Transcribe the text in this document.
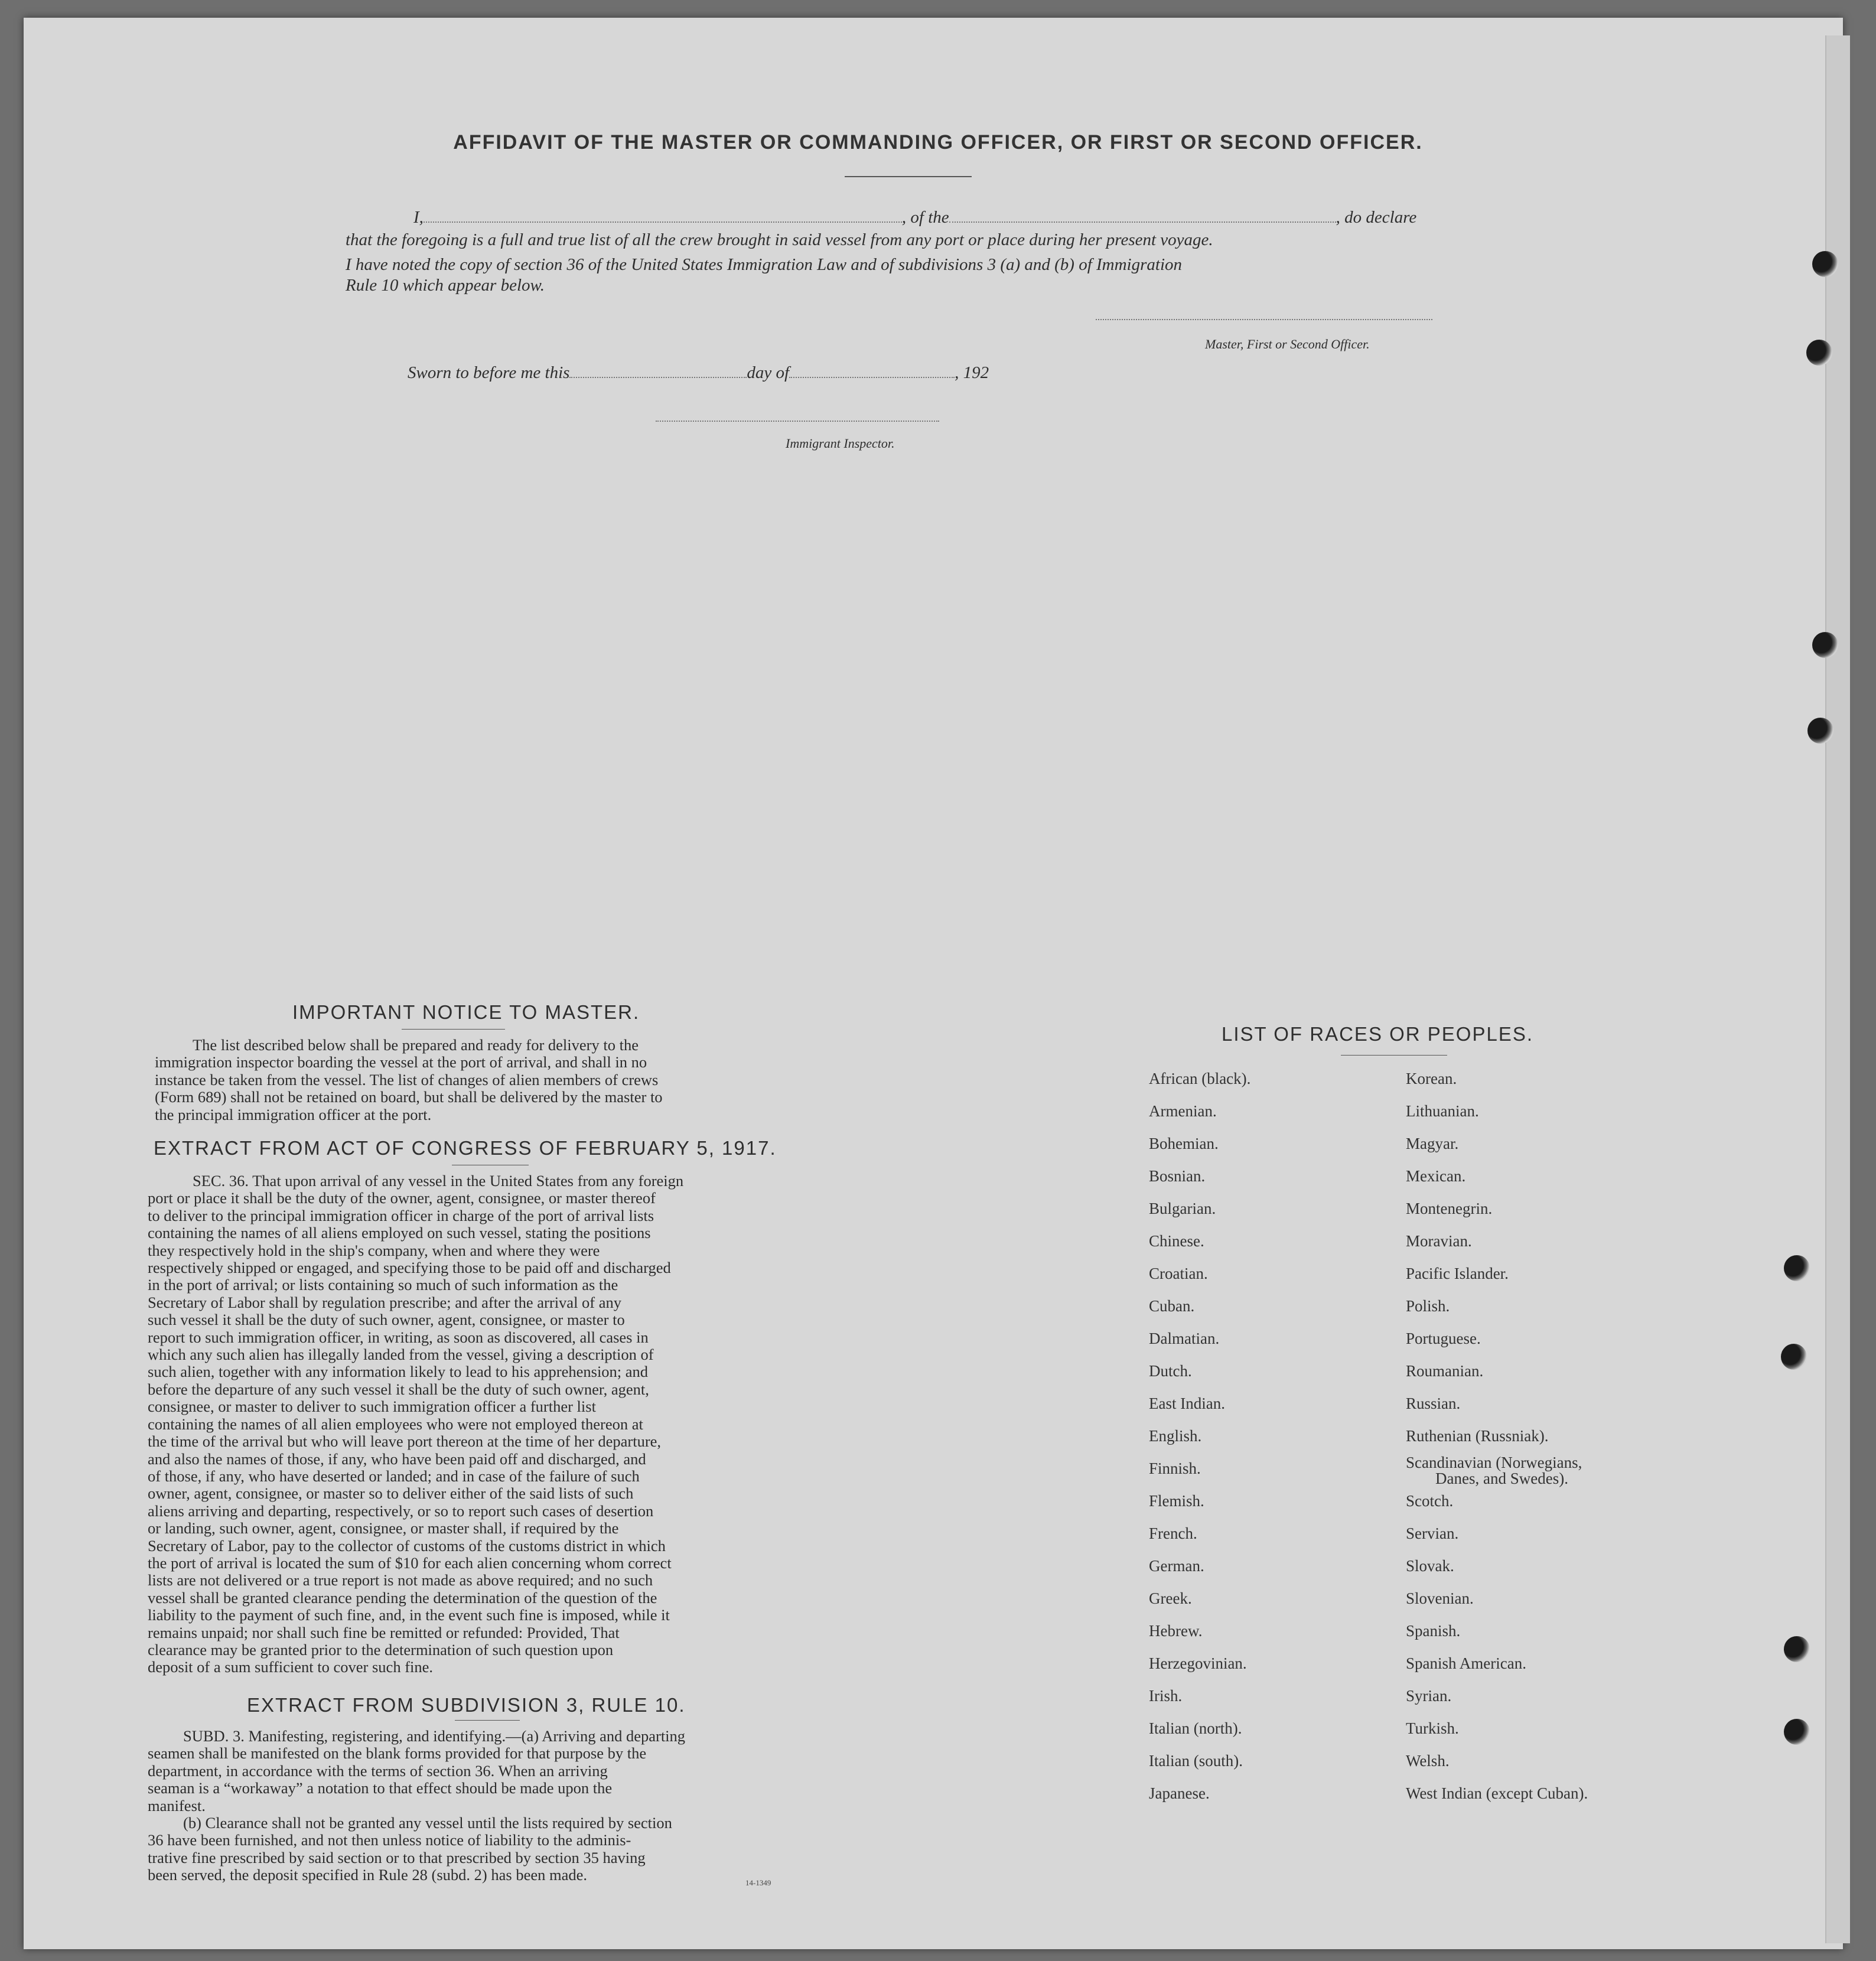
AFFIDAVIT OF THE MASTER OR COMMANDING OFFICER, OR FIRST OR SECOND OFFICER.
I,	, of the	, do declare
that the foregoing is a full and true list of all the crew brought in said vessel from any port or place during her present voyage.
I have noted the copy of section 36 of the United States Immigration Law and of subdivisions 3 (a) and (b) of Immigration
Rule 10 which appear below.
Master, First or Second Officer.
Sworn to before me this	day of	, 192
Immigrant Inspector.
IMPORTANT NOTICE TO MASTER.
The list described below shall be prepared and ready for delivery to the
immigration inspector boarding the vessel at the port of arrival, and shall in no
instance be taken from the vessel. The list of changes of alien members of crews
(Form 689) shall not be retained on board, but shall be delivered by the master to
the principal immigration officer at the port.
EXTRACT FROM ACT OF CONGRESS OF FEBRUARY 5, 1917.
SEC. 36. That upon arrival of any vessel in the United States from any foreign
port or place it shall be the duty of the owner, agent, consignee, or master thereof
to deliver to the principal immigration officer in charge of the port of arrival lists
containing the names of all aliens employed on such vessel, stating the positions
they respectively hold in the ship's company, when and where they were
respectively shipped or engaged, and specifying those to be paid off and discharged
in the port of arrival; or lists containing so much of such information as the
Secretary of Labor shall by regulation prescribe; and after the arrival of any
such vessel it shall be the duty of such owner, agent, consignee, or master to
report to such immigration officer, in writing, as soon as discovered, all cases in
which any such alien has illegally landed from the vessel, giving a description of
such alien, together with any information likely to lead to his apprehension; and
before the departure of any such vessel it shall be the duty of such owner, agent,
consignee, or master to deliver to such immigration officer a further list
containing the names of all alien employees who were not employed thereon at
the time of the arrival but who will leave port thereon at the time of her departure,
and also the names of those, if any, who have been paid off and discharged, and
of those, if any, who have deserted or landed; and in case of the failure of such
owner, agent, consignee, or master so to deliver either of the said lists of such
aliens arriving and departing, respectively, or so to report such cases of desertion
or landing, such owner, agent, consignee, or master shall, if required by the
Secretary of Labor, pay to the collector of customs of the customs district in which
the port of arrival is located the sum of $10 for each alien concerning whom correct
lists are not delivered or a true report is not made as above required; and no such
vessel shall be granted clearance pending the determination of the question of the
liability to the payment of such fine, and, in the event such fine is imposed, while it
remains unpaid; nor shall such fine be remitted or refunded: Provided, That
clearance may be granted prior to the determination of such question upon
deposit of a sum sufficient to cover such fine.
EXTRACT FROM SUBDIVISION 3, RULE 10.
SUBD. 3. Manifesting, registering, and identifying.—(a) Arriving and departing
seamen shall be manifested on the blank forms provided for that purpose by the
department, in accordance with the terms of section 36. When an arriving
seaman is a “workaway” a notation to that effect should be made upon the
manifest.
(b) Clearance shall not be granted any vessel until the lists required by section
36 have been furnished, and not then unless notice of liability to the adminis-
trative fine prescribed by said section or to that prescribed by section 35 having
been served, the deposit specified in Rule 28 (subd. 2) has been made.	14-1349
LIST OF RACES OR PEOPLES.
African (black).
Armenian.
Bohemian.
Bosnian.
Bulgarian.
Chinese.
Croatian.
Cuban.
Dalmatian.
Dutch.
East Indian.
English.
Finnish.
Flemish.
French.
German.
Greek.
Hebrew.
Herzegovinian.
Irish.
Italian (north).
Italian (south).
Japanese.
Korean.
Lithuanian.
Magyar.
Mexican.
Montenegrin.
Moravian.
Pacific Islander.
Polish.
Portuguese.
Roumanian.
Russian.
Ruthenian (Russniak).
Scandinavian (Norwegians,
Danes, and Swedes).
Scotch.
Servian.
Slovak.
Slovenian.
Spanish.
Spanish American.
Syrian.
Turkish.
Welsh.
West Indian (except Cuban).
